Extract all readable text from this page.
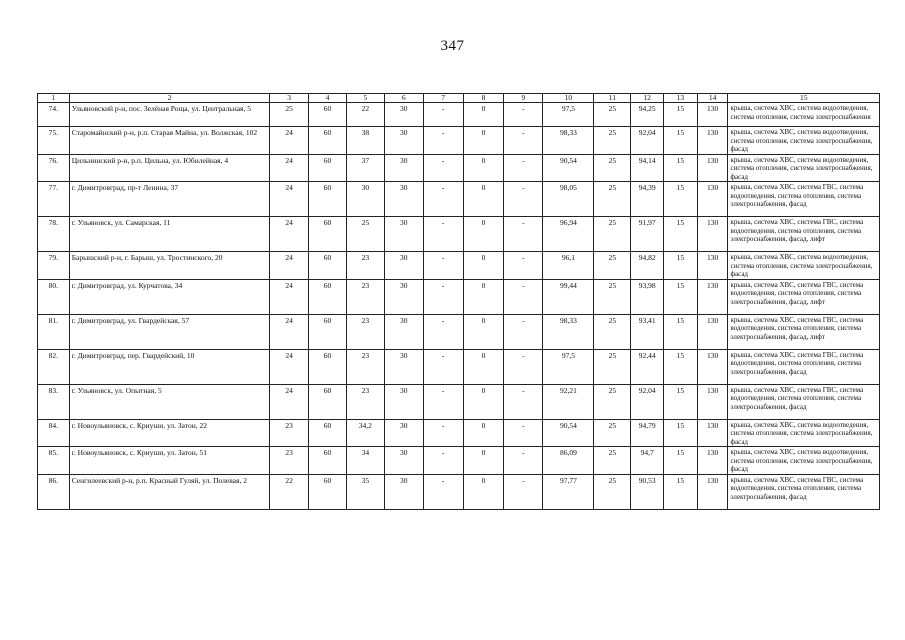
347
1	2	3	4	5	6	7	8	9	10	11	12	13	14	15
74.	Ульяновский р-н, пос. Зелёная Роща, ул. Центральная, 5	25	60	22	30	-	0	-	97,5	25	94,25	15	130	крыша, система ХВС, система водоотведения, система отопления, система электроснабжения
75.	Старомайнский р-н, р.п. Старая Майна, ул. Волжская, 102	24	60	38	30	-	0	-	98,33	25	92,04	15	130	крыша, система ХВС, система водоотведения, система отопления, система электроснабжения, фасад
76.	Цильнинский р-н, р.п. Цильна, ул. Юбилейная, 4	24	60	37	30	-	0	-	90,54	25	94,14	15	130	крыша, система ХВС, система водоотведения, система отопления, система электроснабжения, фасад
77.	г. Димитровград, пр-т Ленина, 37	24	60	30	30	-	0	-	98,05	25	94,39	15	130	крыша, система ХВС, система ГВС, система водоотведения, система отопления, система электроснабжения, фасад
78.	г. Ульяновск, ул. Самарская, 11	24	60	25	30	-	0	-	96,94	25	91,97	15	130	крыша, система ХВС, система ГВС, система водоотведения, система отопления, система электроснабжения, фасад, лифт
79.	Барышский р-н, г. Барыш, ул. Тростинского, 20	24	60	23	30	-	0	-	96,1	25	94,82	15	130	крыша, система ХВС, система водоотведения, система отопления, система электроснабжения, фасад
80.	г. Димитровград, ул. Курчатова, 34	24	60	23	30	-	0	-	99,44	25	93,98	15	130	крыша, система ХВС, система ГВС, система водоотведения, система отопления, система электроснабжения, фасад, лифт
81.	г. Димитровград, ул. Гвардейская, 57	24	60	23	30	-	0	-	98,33	25	93,41	15	130	крыша, система ХВС, система ГВС, система водоотведения, система отопления, система электроснабжения, фасад, лифт
82.	г. Димитровград, пер. Гвардейский, 10	24	60	23	30	-	0	-	97,5	25	92,44	15	130	крыша, система ХВС, система ГВС, система водоотведения, система отопления, система электроснабжения, фасад
83.	г. Ульяновск, ул. Опытная, 5	24	60	23	30	-	0	-	92,21	25	92,04	15	130	крыша, система ХВС, система ГВС, система водоотведения, система отопления, система электроснабжения, фасад
84.	г. Новоульяновск, с. Криуши, ул. Затон, 22	23	60	34,2	30	-	0	-	90,54	25	94,79	15	130	крыша, система ХВС, система водоотведения, система отопления, система электроснабжения, фасад
85.	г. Новоульяновск, с. Криуши, ул. Затон, 51	23	60	34	30	-	0	-	86,09	25	94,7	15	130	крыша, система ХВС, система водоотведения, система отопления, система электроснабжения, фасад
86.	Сенгилеевский р-н, р.п. Красный Гуляй, ул. Полевая, 2	22	60	35	30	-	0	-	97,77	25	90,53	15	130	крыша, система ХВС, система ГВС, система водоотведения, система отопления, система электроснабжения, фасад
